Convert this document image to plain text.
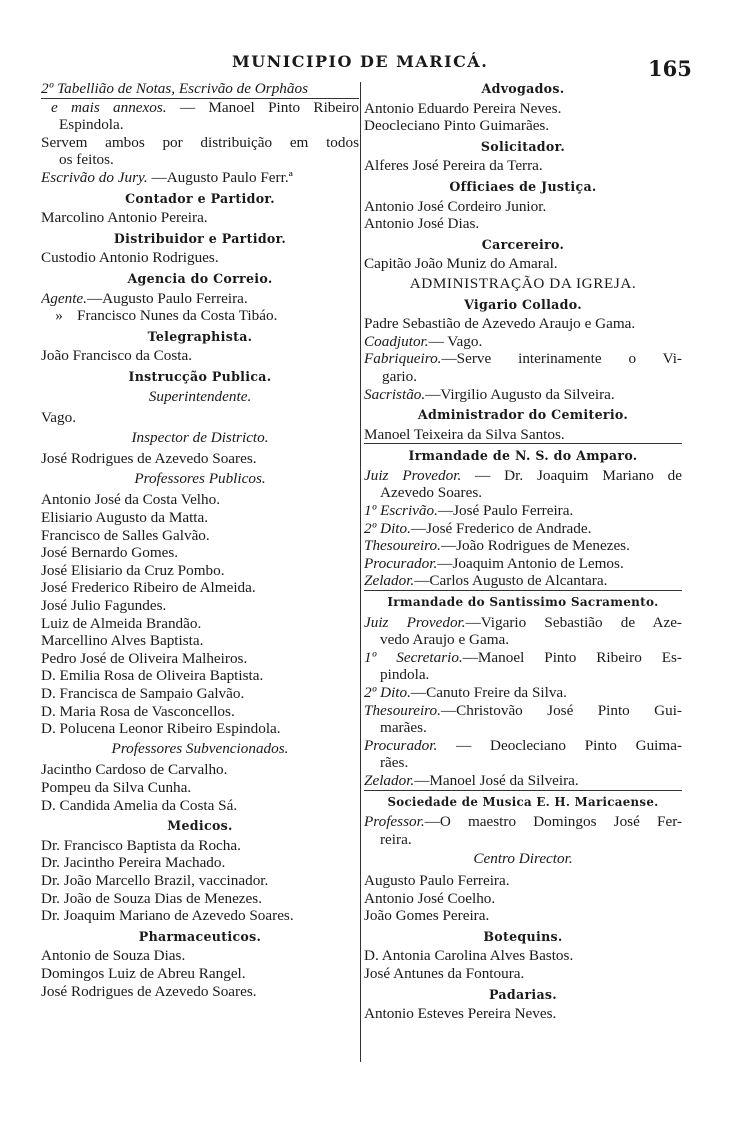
MUNICIPIO DE MARICÁ.	165
2º Tabellião de Notas, Escrivão de Orphãos
e mais annexos. — Manoel Pinto Ribeiro
Espindola.
Servem ambos por distribuição em todos
os feitos.
Escrivão do Jury. —Augusto Paulo Ferr.ª
Contador e Partidor.
Marcolino Antonio Pereira.
Distribuidor e Partidor.
Custodio Antonio Rodrigues.
Agencia do Correio.
Agente.—Augusto Paulo Ferreira.
» Francisco Nunes da Costa Tibáo.
Telegraphista.
João Francisco da Costa.
Instrucção Publica.
Superintendente.
Vago.
Inspector de Districto.
José Rodrigues de Azevedo Soares.
Professores Publicos.
Antonio José da Costa Velho.
Elisiario Augusto da Matta.
Francisco de Salles Galvão.
José Bernardo Gomes.
José Elisiario da Cruz Pombo.
José Frederico Ribeiro de Almeida.
José Julio Fagundes.
Luiz de Almeida Brandão.
Marcellino Alves Baptista.
Pedro José de Oliveira Malheiros.
D. Emilia Rosa de Oliveira Baptista.
D. Francisca de Sampaio Galvão.
D. Maria Rosa de Vasconcellos.
D. Polucena Leonor Ribeiro Espindola.
Professores Subvencionados.
Jacintho Cardoso de Carvalho.
Pompeu da Silva Cunha.
D. Candida Amelia da Costa Sá.
Medicos.
Dr. Francisco Baptista da Rocha.
Dr. Jacintho Pereira Machado.
Dr. João Marcello Brazil, vaccinador.
Dr. João de Souza Dias de Menezes.
Dr. Joaquim Mariano de Azevedo Soares.
Pharmaceuticos.
Antonio de Souza Dias.
Domingos Luiz de Abreu Rangel.
José Rodrigues de Azevedo Soares.
Advogados.
Antonio Eduardo Pereira Neves.
Deocleciano Pinto Guimarães.
Solicitador.
Alferes José Pereira da Terra.
Officiaes de Justiça.
Antonio José Cordeiro Junior.
Antonio José Dias.
Carcereiro.
Capitão João Muniz do Amaral.
ADMINISTRAÇÃO DA IGREJA.
Vigario Collado.
Padre Sebastião de Azevedo Araujo e Gama.
Coadjutor.— Vago.
Fabriqueiro.—Serve interinamente o Vi-
gario.
Sacristão.—Virgilio Augusto da Silveira.
Administrador do Cemiterio.
Manoel Teixeira da Silva Santos.
Irmandade de N. S. do Amparo.
Juiz Provedor. — Dr. Joaquim Mariano de
Azevedo Soares.
1º Escrivão.—José Paulo Ferreira.
2º Dito.—José Frederico de Andrade.
Thesoureiro.—João Rodrigues de Menezes.
Procurador.—Joaquim Antonio de Lemos.
Zelador.—Carlos Augusto de Alcantara.
Irmandade do Santissimo Sacramento.
Juiz Provedor.—Vigario Sebastião de Aze-
vedo Araujo e Gama.
1º Secretario.—Manoel Pinto Ribeiro Es-
pindola.
2º Dito.—Canuto Freire da Silva.
Thesoureiro.—Christovão José Pinto Gui-
marães.
Procurador. — Deocleciano Pinto Guima-
rães.
Zelador.—Manoel José da Silveira.
Sociedade de Musica E. H. Maricaense.
Professor.—O maestro Domingos José Fer-
reira.
Centro Director.
Augusto Paulo Ferreira.
Antonio José Coelho.
João Gomes Pereira.
Botequins.
D. Antonia Carolina Alves Bastos.
José Antunes da Fontoura.
Padarias.
Antonio Esteves Pereira Neves.
